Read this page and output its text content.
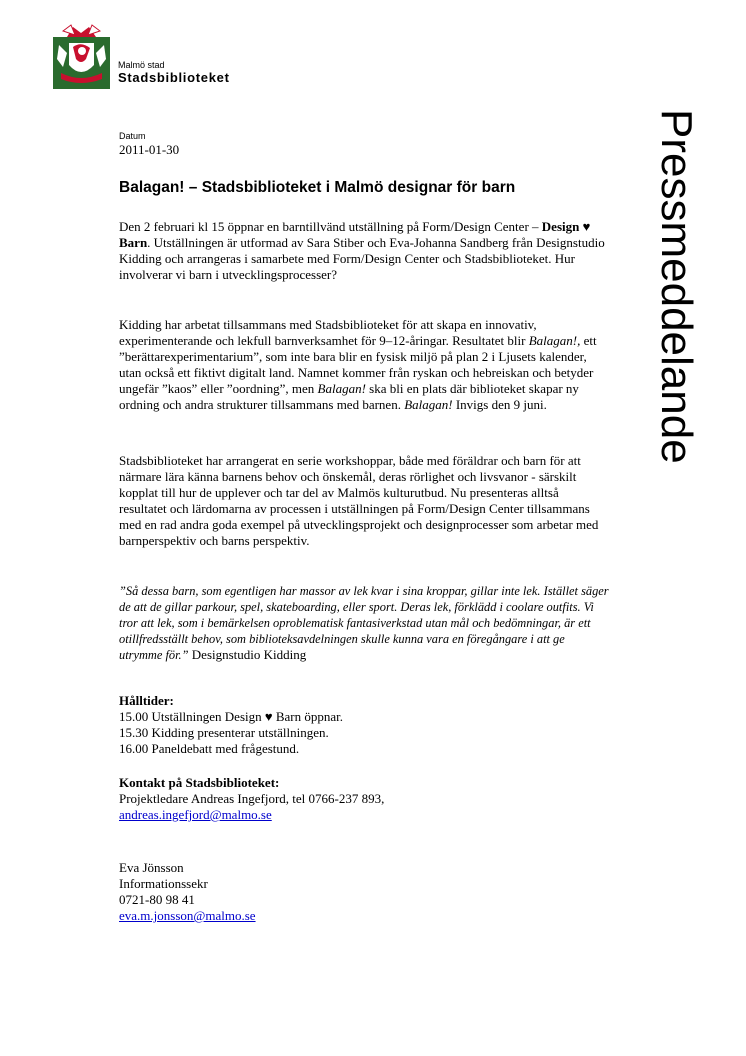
Malmö stad
Stadsbiblioteket
Pressmeddelande
Datum
2011-01-30
Balagan! – Stadsbiblioteket i Malmö designar för barn

Den 2 februari kl 15 öppnar en barntillvänd utställning på Form/Design Center – Design ♥ Barn. Utställningen är utformad av Sara Stiber och Eva-Johanna Sandberg från Designstudio Kidding och arrangeras i samarbete med Form/Design Center och Stadsbiblioteket. Hur involverar vi barn i utvecklingsprocesser?

Kidding har arbetat tillsammans med Stadsbiblioteket för att skapa en innovativ, experimenterande och lekfull barnverksamhet för 9–12-åringar. Resultatet blir Balagan!, ett ”berättarexperimentarium”, som inte bara blir en fysisk miljö på plan 2 i Ljusets kalender, utan också ett fiktivt digitalt land. Namnet kommer från ryskan och hebreiskan och betyder ungefär ”kaos” eller ”oordning”, men Balagan! ska bli en plats där biblioteket skapar ny ordning och andra strukturer tillsammans med barnen. Balagan! Invigs den 9 juni.

Stadsbiblioteket har arrangerat en serie workshoppar, både med föräldrar och barn för att närmare lära känna barnens behov och önskemål, deras rörlighet och livsvanor - särskilt kopplat till hur de upplever och tar del av Malmös kulturutbud. Nu presenteras alltså resultatet och lärdomarna av processen i utställningen på Form/Design Center tillsammans med en rad andra goda exempel på utvecklingsprojekt och designprocesser som arbetar med barnperspektiv och barns perspektiv.

”Så dessa barn, som egentligen har massor av lek kvar i sina kroppar, gillar inte lek. Istället säger de att de gillar parkour, spel, skateboarding, eller sport. Deras lek, förklädd i coolare outfits. Vi tror att lek, som i bemärkelsen oproblematisk fantasiverkstad utan mål och bedömningar, är ett otillfredsställt behov, som biblioteksavdelningen skulle kunna vara en föregångare i att ge utrymme för.” Designstudio Kidding

Hålltider:
15.00 Utställningen Design ♥ Barn öppnar.
15.30 Kidding presenterar utställningen.
16.00 Paneldebatt med frågestund.
Kontakt på Stadsbiblioteket:
Projektledare Andreas Ingefjord, tel 0766-237 893,
andreas.ingefjord@malmo.se
Eva Jönsson
Informationssekr
0721-80 98 41
eva.m.jonsson@malmo.se
